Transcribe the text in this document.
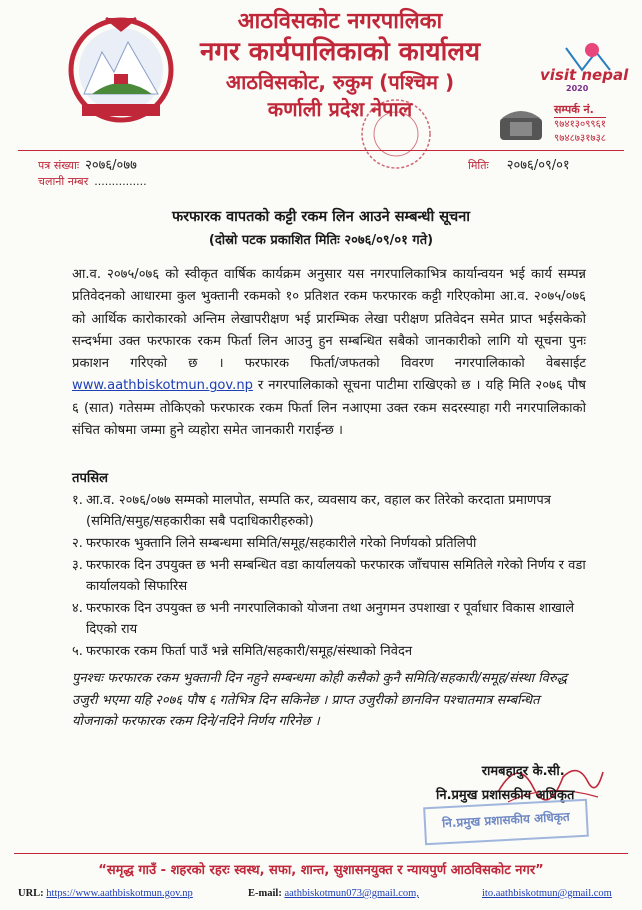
आठविसकोट नगरपालिका
नगर कार्यपालिकाको कार्यालय
आठविसकोट, रुकुम (पश्चिम )
कर्णाली प्रदेश नेपाल
visit nepal
2020
सम्पर्क नं.
९७४१३०९९६१
९७४८७३१७३८
पत्र संख्याः २०७६/०७७	मितिः २०७६/०९/०१
चलानी नम्बर ...............
फरफारक वापतको कट्टी रकम लिन आउने सम्बन्धी सूचना
(दोस्रो पटक प्रकाशित मितिः २०७६/०९/०१ गते)
आ.व. २०७५/०७६ को स्वीकृत वार्षिक कार्यक्रम अनुसार यस नगरपालिकाभित्र कार्यान्वयन भई कार्य सम्पन्न प्रतिवेदनको आधारमा कुल भुक्तानी रकमको १० प्रतिशत रकम फरफारक कट्टी गरिएकोमा आ.व. २०७५/०७६ को आर्थिक कारोकारको अन्तिम लेखापरीक्षण भई प्रारम्भिक लेखा परीक्षण प्रतिवेदन समेत प्राप्त भईसकेको सन्दर्भमा उक्त फरफारक रकम फिर्ता लिन आउनु हुन सम्बन्धित सबैको जानकारीको लागि यो सूचना पुनः प्रकाशन गरिएको छ । फरफारक फिर्ता/जफतको विवरण नगरपालिकाको वेबसाईट www.aathbiskotmun.gov.np र नगरपालिकाको सूचना पाटीमा राखिएको छ । यहि मिति २०७६ पौष ६ (सात) गतेसम्म तोकिएको फरफारक रकम फिर्ता लिन नआएमा उक्त रकम सदरस्याहा गरी नगरपालिकाको संचित कोषमा जम्मा हुने व्यहोरा समेत जानकारी गराईन्छ ।
तपसिल
१. आ.व. २०७६/०७७ सम्मको मालपोत, सम्पति कर, व्यवसाय कर, वहाल कर तिरेको करदाता प्रमाणपत्र (समिति/समुह/सहकारीका सबै पदाधिकारीहरुको)
२. फरफारक भुक्तानि लिने सम्बन्धमा समिति/समूह/सहकारीले गरेको निर्णयको प्रतिलिपी
३. फरफारक दिन उपयुक्त छ भनी सम्बन्धित वडा कार्यालयको फरफारक जाँचपास समितिले गरेको निर्णय र वडा कार्यालयको सिफारिस
४. फरफारक दिन उपयुक्त छ भनी नगरपालिकाको योजना तथा अनुगमन उपशाखा र पूर्वाधार विकास शाखाले दिएको राय
५. फरफारक रकम फिर्ता पाउँ भन्ने समिति/सहकारी/समूह/संस्थाको निवेदन
पुनश्चः फरफारक रकम भुक्तानी दिन नहुने सम्बन्धमा कोही कसैको कुनै समिति/सहकारी/समूह/संस्था विरुद्ध उजुरी भएमा यहि २०७६ पौष ६ गतेभित्र दिन सकिनेछ । प्राप्त उजुरीको छानविन पश्चातमात्र सम्बन्धित योजनाको फरफारक रकम दिने/नदिने निर्णय गरिनेछ ।
रामबहादुर के.सी.
नि.प्रमुख प्रशासकीय अधिकृत
नि.प्रमुख प्रशासकीय अधिकृत
“समृद्ध गाउँ - शहरको रहरः स्वस्थ, सफा, शान्त, सुशासनयुक्त र न्यायपुर्ण आठविसकोट नगर”
URL: https://www.aathbiskotmun.gov.np	E-mail: aathbiskotmun073@gmail.com,	ito.aathbiskotmun@gmail.com
